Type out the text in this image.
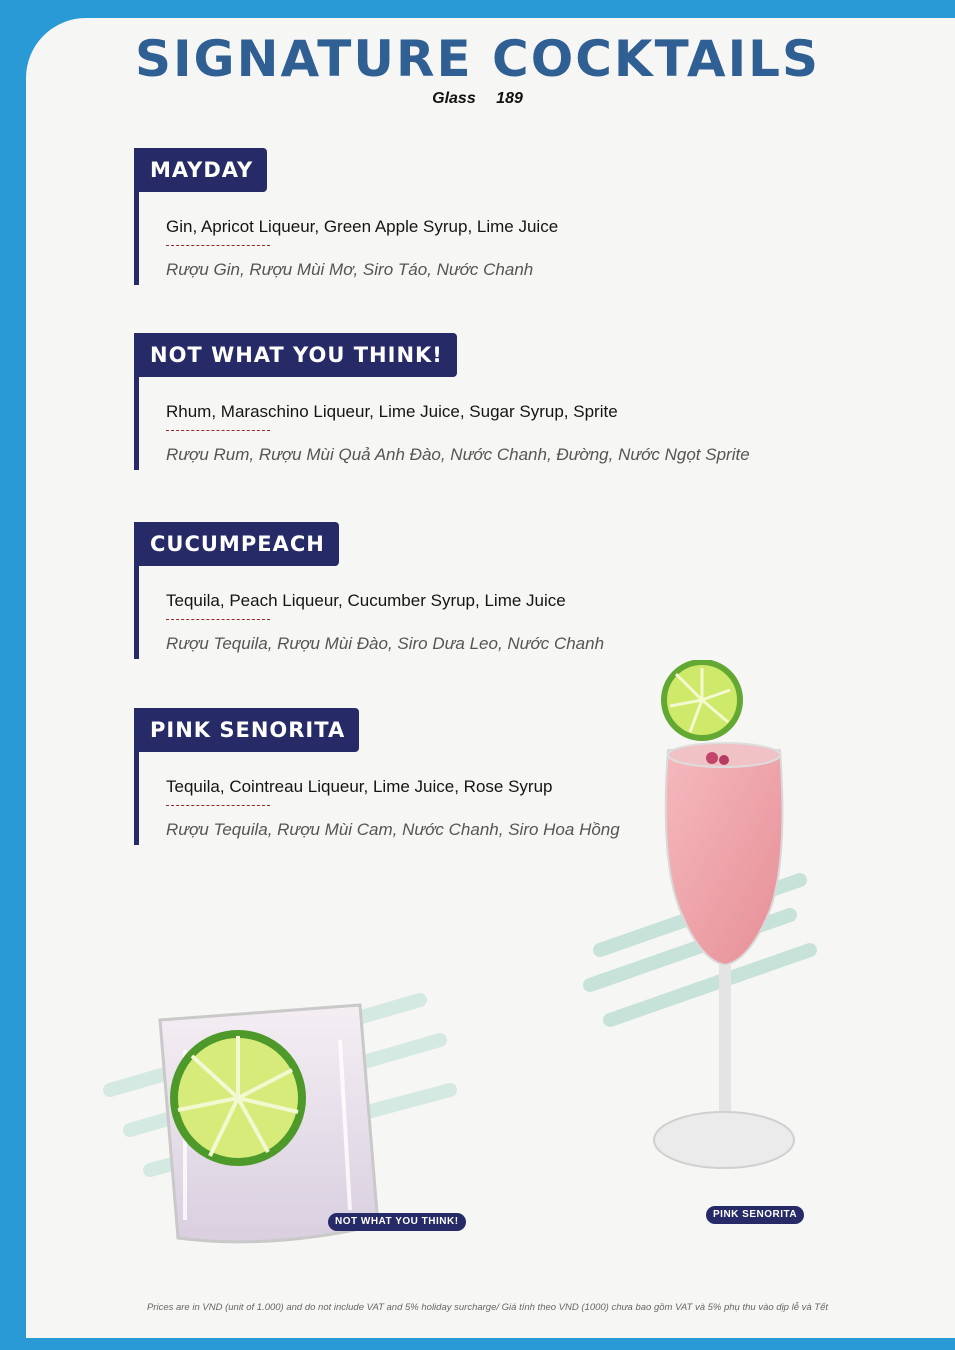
SIGNATURE COCKTAILS
Glass 189
MAYDAY
Gin, Apricot Liqueur, Green Apple Syrup, Lime Juice
Rượu Gin, Rượu Mùi Mơ, Siro Táo, Nước Chanh
NOT WHAT YOU THINK!
Rhum, Maraschino Liqueur, Lime Juice, Sugar Syrup, Sprite
Rượu Rum, Rượu Mùi Quả Anh Đào, Nước Chanh, Đường, Nước Ngọt Sprite
CUCUMPEACH
Tequila, Peach Liqueur, Cucumber Syrup, Lime Juice
Rượu Tequila, Rượu Mùi Đào, Siro Dưa Leo, Nước Chanh
PINK SENORITA
Tequila, Cointreau Liqueur, Lime Juice, Rose Syrup
Rượu Tequila, Rượu Mùi Cam, Nước Chanh, Siro Hoa Hồng
NOT WHAT YOU THINK!
PINK SENORITA
Prices are in VND (unit of 1.000) and do not include VAT and 5% holiday surcharge/ Giá tính theo VND (1000) chưa bao gồm VAT và 5% phụ thu vào dịp lễ và Tết
